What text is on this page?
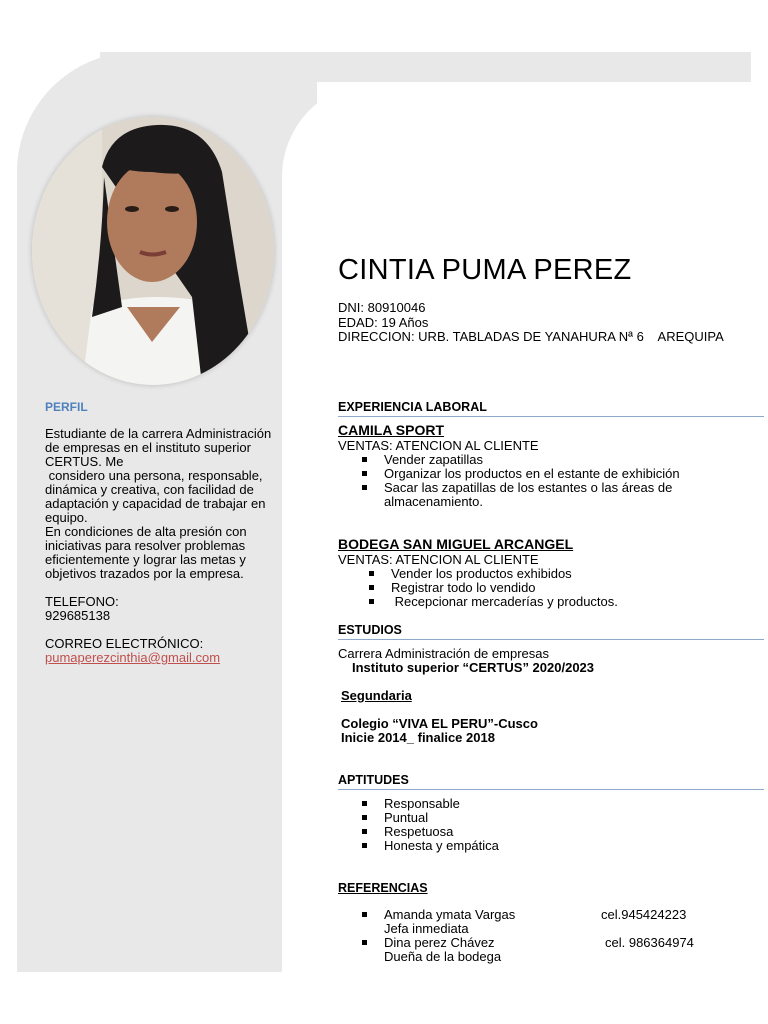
PERFIL
Estudiante de la carrera Administración
de empresas en el instituto superior
CERTUS. Me
considero una persona, responsable,
dinámica y creativa, con facilidad de
adaptación y capacidad de trabajar en
equipo.
En condiciones de alta presión con
iniciativas para resolver problemas
eficientemente y lograr las metas y
objetivos trazados por la empresa.
TELEFONO:
929685138
CORREO ELECTRÓNICO:
pumaperezcinthia@gmail.com
CINTIA PUMA PEREZ
DNI: 80910046
EDAD: 19 Años
DIRECCION: URB. TABLADAS DE YANAHURA Nª 6    AREQUIPA
EXPERIENCIA LABORAL
CAMILA SPORT
VENTAS: ATENCION AL CLIENTE
Vender zapatillas
Organizar los productos en el estante de exhibición
Sacar las zapatillas de los estantes o las áreas de
almacenamiento.
BODEGA SAN MIGUEL ARCANGEL
VENTAS: ATENCION AL CLIENTE
Vender los productos exhibidos
Registrar todo lo vendido
Recepcionar mercaderías y productos.
ESTUDIOS
Carrera Administración de empresas
Instituto superior “CERTUS” 2020/2023
Segundaria
Colegio “VIVA EL PERU”-Cusco
Inicie 2014_ finalice 2018
APTITUDES
Responsable
Puntual
Respetuosa
Honesta y empática
REFERENCIAS
Amanda ymata Vargas	cel.945424223
Jefa inmediata
Dina perez Chávez	cel. 986364974
Dueña de la bodega
